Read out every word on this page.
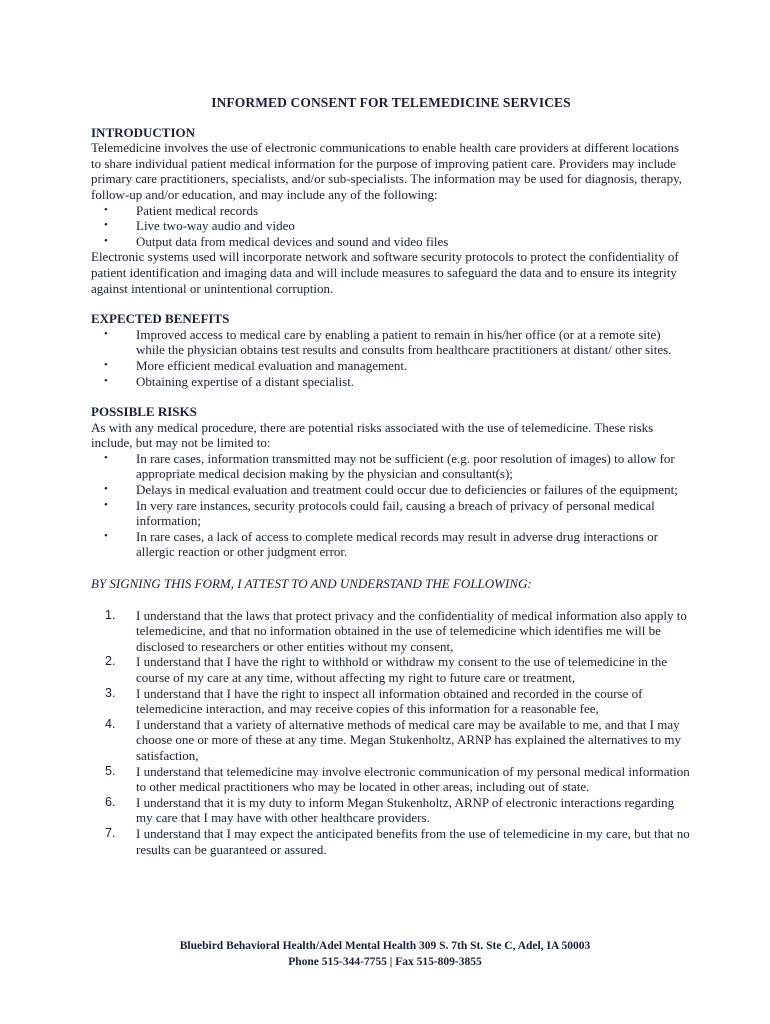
INFORMED CONSENT FOR TELEMEDICINE SERVICES

INTRODUCTION

Telemedicine involves the use of electronic communications to enable health care providers at different locations to share individual patient medical information for the purpose of improving patient care. Providers may include primary care practitioners, specialists, and/or sub-specialists. The information may be used for diagnosis, therapy, follow-up and/or education, and may include any of the following:

• Patient medical records
• Live two-way audio and video
• Output data from medical devices and sound and video files

Electronic systems used will incorporate network and software security protocols to protect the confidentiality of patient identification and imaging data and will include measures to safeguard the data and to ensure its integrity against intentional or unintentional corruption.

EXPECTED BENEFITS

• Improved access to medical care by enabling a patient to remain in his/her office (or at a remote site) while the physician obtains test results and consults from healthcare practitioners at distant/ other sites.
• More efficient medical evaluation and management.
• Obtaining expertise of a distant specialist.

POSSIBLE RISKS

As with any medical procedure, there are potential risks associated with the use of telemedicine. These risks include, but may not be limited to:

• In rare cases, information transmitted may not be sufficient (e.g. poor resolution of images) to allow for appropriate medical decision making by the physician and consultant(s);
• Delays in medical evaluation and treatment could occur due to deficiencies or failures of the equipment;
• In very rare instances, security protocols could fail, causing a breach of privacy of personal medical information;
• In rare cases, a lack of access to complete medical records may result in adverse drug interactions or allergic reaction or other judgment error.

BY SIGNING THIS FORM, I ATTEST TO AND UNDERSTAND THE FOLLOWING:

1. I understand that the laws that protect privacy and the confidentiality of medical information also apply to telemedicine, and that no information obtained in the use of telemedicine which identifies me will be disclosed to researchers or other entities without my consent,
2. I understand that I have the right to withhold or withdraw my consent to the use of telemedicine in the course of my care at any time, without affecting my right to future care or treatment,
3. I understand that I have the right to inspect all information obtained and recorded in the course of telemedicine interaction, and may receive copies of this information for a reasonable fee,
4. I understand that a variety of alternative methods of medical care may be available to me, and that I may choose one or more of these at any time. Megan Stukenholtz, ARNP has explained the alternatives to my satisfaction,
5. I understand that telemedicine may involve electronic communication of my personal medical information to other medical practitioners who may be located in other areas, including out of state.
6. I understand that it is my duty to inform Megan Stukenholtz, ARNP of electronic interactions regarding my care that I may have with other healthcare providers.
7. I understand that I may expect the anticipated benefits from the use of telemedicine in my care, but that no results can be guaranteed or assured.
Bluebird Behavioral Health/Adel Mental Health 309 S. 7th St. Ste C, Adel, IA 50003
Phone 515-344-7755 | Fax 515-809-3855
